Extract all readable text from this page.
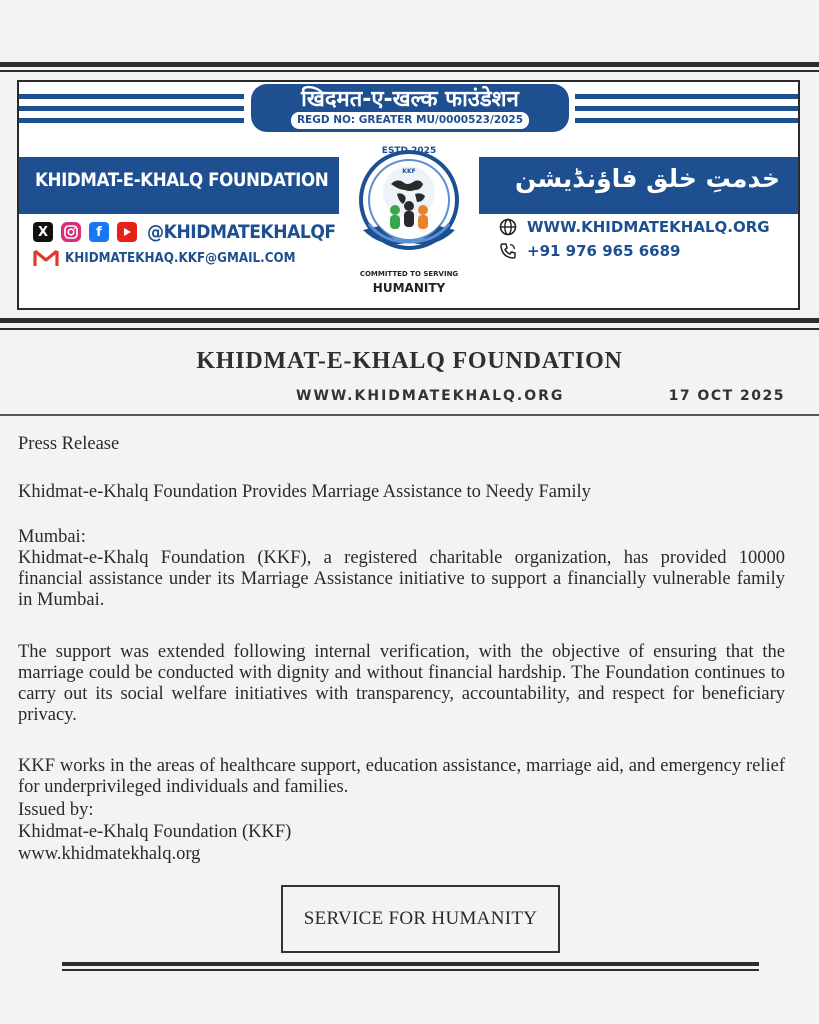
खिदमत-ए-खल्क फाउंडेशन
REGD NO: GREATER MU/0000523/2025
KHIDMAT-E-KHALQ FOUNDATION	خدمتِ خلق فاؤنڈیشن
ESTD 2025
KKF
COMMITTED TO SERVING
HUMANITY
X	f	@KHIDMATEKHALQF
KHIDMATEKHAQ.KKF@GMAIL.COM
WWW.KHIDMATEKHALQ.ORG
+91 976 965 6689
KHIDMAT-E-KHALQ FOUNDATION
WWW.KHIDMATEKHALQ.ORG	17 OCT 2025
Press Release
Khidmat-e-Khalq Foundation Provides Marriage Assistance to Needy Family
Mumbai:
Khidmat-e-Khalq Foundation (KKF), a registered charitable organization, has provided 10000 financial assistance under its Marriage Assistance initiative to support a financially vulnerable family in Mumbai.
The support was extended following internal verification, with the objective of ensuring that the marriage could be conducted with dignity and without financial hardship. The Foundation continues to carry out its social welfare initiatives with transparency, accountability, and respect for beneficiary privacy.
KKF works in the areas of healthcare support, education assistance, marriage aid, and emergency relief for underprivileged individuals and families.
Issued by:
Khidmat-e-Khalq Foundation (KKF)
www.khidmatekhalq.org
SERVICE FOR HUMANITY
